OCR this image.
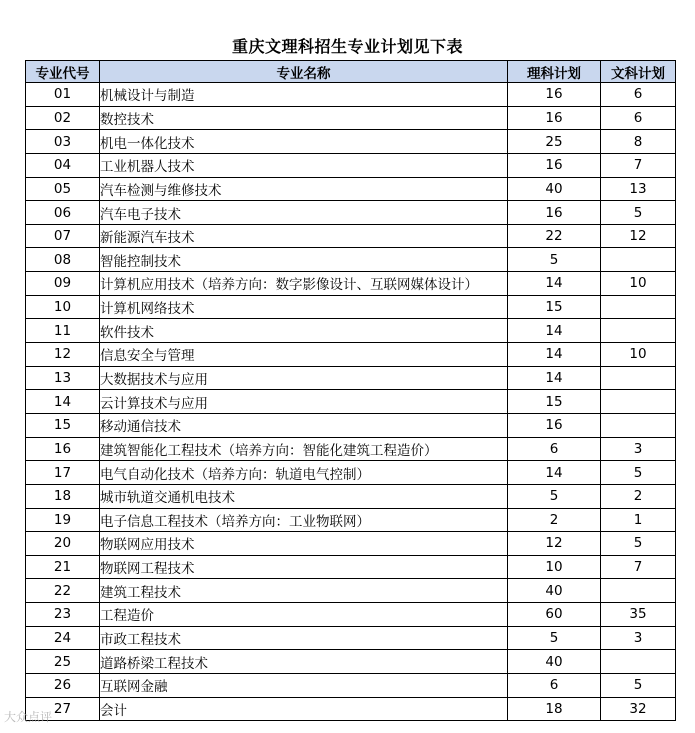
重庆文理科招生专业计划见下表
专业代号	专业名称	理科计划	文科计划
01	机械设计与制造	16	6
02	数控技术	16	6
03	机电一体化技术	25	8
04	工业机器人技术	16	7
05	汽车检测与维修技术	40	13
06	汽车电子技术	16	5
07	新能源汽车技术	22	12
08	智能控制技术	5	
09	计算机应用技术（培养方向：数字影像设计、互联网媒体设计）	14	10
10	计算机网络技术	15	
11	软件技术	14	
12	信息安全与管理	14	10
13	大数据技术与应用	14	
14	云计算技术与应用	15	
15	移动通信技术	16	
16	建筑智能化工程技术（培养方向：智能化建筑工程造价）	6	3
17	电气自动化技术（培养方向：轨道电气控制）	14	5
18	城市轨道交通机电技术	5	2
19	电子信息工程技术（培养方向：工业物联网）	2	1
20	物联网应用技术	12	5
21	物联网工程技术	10	7
22	建筑工程技术	40	
23	工程造价	60	35
24	市政工程技术	5	3
25	道路桥梁工程技术	40	
26	互联网金融	6	5
27	会计	18	32
大众点评
